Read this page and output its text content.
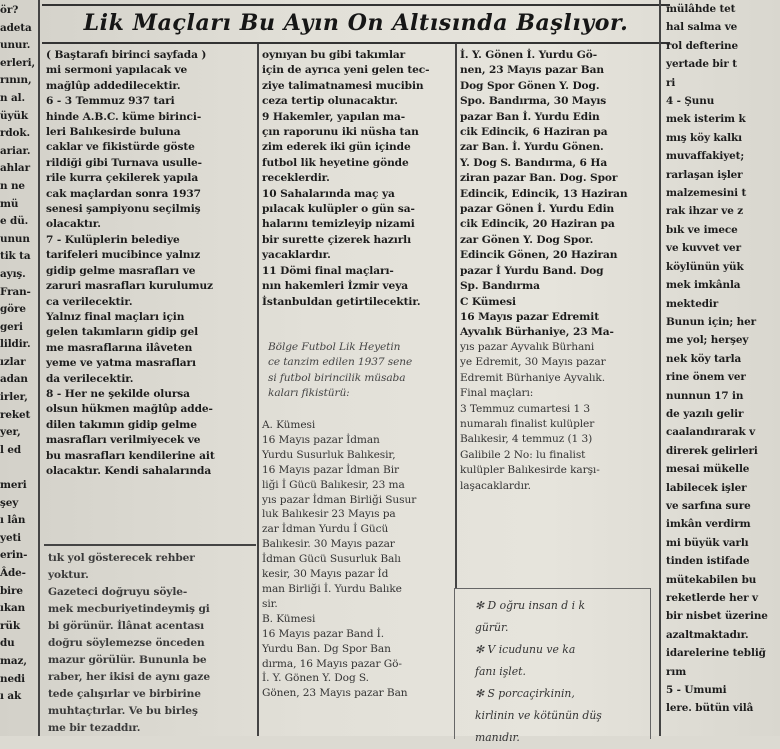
ör?

adeta

unur.

erleri,

rının,

n al.

üyük

rdok.

ariar.

ahlar

n ne

mü

e dü.

unun

tik ta

ayış.

Fran-

göre

geri

lildir.

ızlar

adan

irler,

reket

yer,

l ed

meri

şey

ı lân

yeti

erin-

Âde-

bire

ıkan

rük

du

maz,

nedi

ı ak

Lik Maçları Bu Ayın On Altısında Başlıyor.

( Baştarafı birinci sayfada )

mi sermoni yapılacak ve

mağlûp addedilecektir.

6 - 3 Temmuz 937 tari

hinde A.B.C. küme birinci-

leri Balıkesirde buluna

caklar ve fikistürde göste

rildiği gibi Turnava usulle-

rile kurra çekilerek yapıla

cak maçlardan sonra 1937

senesi şampiyonu seçilmiş

olacaktır.

7 - Kulüplerin belediye

tarifeleri mucibince yalnız

gidip gelme masrafları ve

zaruri masrafları kurulumuz

ca verilecektir.

Yalnız final maçları için

gelen takımların gidip gel

me masraflarına ilâveten

yeme ve yatma masrafları

da verilecektir.

8 - Her ne şekilde olursa

olsun hükmen mağlûp adde-

dilen takımın gidip gelme

masrafları verilmiyecek ve

bu masrafları kendilerine ait

olacaktır. Kendi sahalarında

tık yol gösterecek rehber

yoktur.

Gazeteci doğruyu söyle-

mek mecburiyetindeymiş gi

bi görünür. İlânat acentası

doğru söylemezse önceden

mazur görülür. Bununla be

raber, her ikisi de aynı gaze

tede çalışırlar ve birbirine

muhtaçtırlar. Ve bu birleş

me bir tezaddır.

oynıyan bu gibi takımlar

için de ayrıca yeni gelen tec-

ziye talimatnamesi mucibin

ceza tertip olunacaktır.

9 Hakemler, yapılan ma-

çın raporunu iki nüsha tan

zim ederek iki gün içinde

futbol lik heyetine gönde

receklerdir.

10 Sahalarında maç ya

pılacak kulüpler o gün sa-

halarını temizleyip nizami

bir surette çizerek hazırlı

yacaklardır.

11 Dömi final maçları-

nın hakemleri İzmir veya

İstanbuldan getirtilecektir.

Bölge Futbol Lik Heyetin

ce tanzim edilen 1937 sene

si futbol birincilik müsaba

kaları fikistürü:

A. Kümesi

16 Mayıs pazar İdman

Yurdu Susurluk Balıkesir,

16 Mayıs pazar İdman Bir

liği İ Gücü Balıkesir, 23 ma

yıs pazar İdman Birliği Susur

luk Balıkesir 23 Mayıs pa

zar İdman Yurdu İ Gücü

Balıkesir. 30 Mayıs pazar

İdman Gücü Susurluk Balı

kesir, 30 Mayıs pazar İd

man Birliği İ. Yurdu Balıke

sir.

B. Kümesi

16 Mayıs pazar Band İ.

Yurdu Ban. Dg Spor Ban

dırma, 16 Mayıs pazar Gö-

İ. Y. Gönen Y. Dog S.

Gönen, 23 Mayıs pazar Ban

İ. Y. Gönen İ. Yurdu Gö-

nen, 23 Mayıs pazar Ban

Dog Spor Gönen Y. Dog.

Spo. Bandırma, 30 Mayıs

pazar Ban İ. Yurdu Edin

cik Edincik, 6 Haziran pa

zar Ban. İ. Yurdu Gönen.

Y. Dog S. Bandırma, 6 Ha

ziran pazar Ban. Dog. Spor

Edincik, Edincik, 13 Haziran

pazar Gönen İ. Yurdu Edin

cik Edincik, 20 Haziran pa

zar Gönen Y. Dog Spor.

Edincik Gönen, 20 Haziran

pazar İ Yurdu Band. Dog

Sp. Bandırma

C Kümesi

16 Mayıs pazar Edremit

Ayvalık Bürhaniye, 23 Ma-

yıs pazar Ayvalık Bürhani

ye Edremit, 30 Mayıs pazar

Edremit Bürhaniye Ayvalık.

Final maçları:

3 Temmuz cumartesi 1 3

numaralı finalist kulüpler

Balıkesir, 4 temmuz (1 3)

Galibile 2 No: lu finalist

kulüpler Balıkesirde karşı-

laşacaklardır.

✻ D oğru insan d i k

gürür.

✻ V icudunu ve ka

fanı işlet.

✻ S porcaçirkinin,

kirlinin ve kötünün düş

manıdır.

mülâhde tet

hal salma ve

rol defterine

yertade bir t

ri

4 - Şunu

mek isterim k

mış köy kalkı

muvaffakiyet;

rarlaşan işler

malzemesini t

rak ihzar ve z

bık ve imece

ve kuvvet ver

köylünün yük

mek imkânla

mektedir

Bunun için; her

me yol; herşey

nek köy tarla

rine önem ver

nunnun 17 in

de yazılı gelir

caalandırarak v

direrek gelirleri

mesai mükelle

labilecek işler

ve sarfına sure

imkân verdirm

mi büyük varlı

tinden istifade

mütekabilen bu

reketlerde her v

bir nisbet üzerine

azaltmaktadır.

idarelerine tebliğ

rım

5 - Umumi

lere. bütün vilâ
